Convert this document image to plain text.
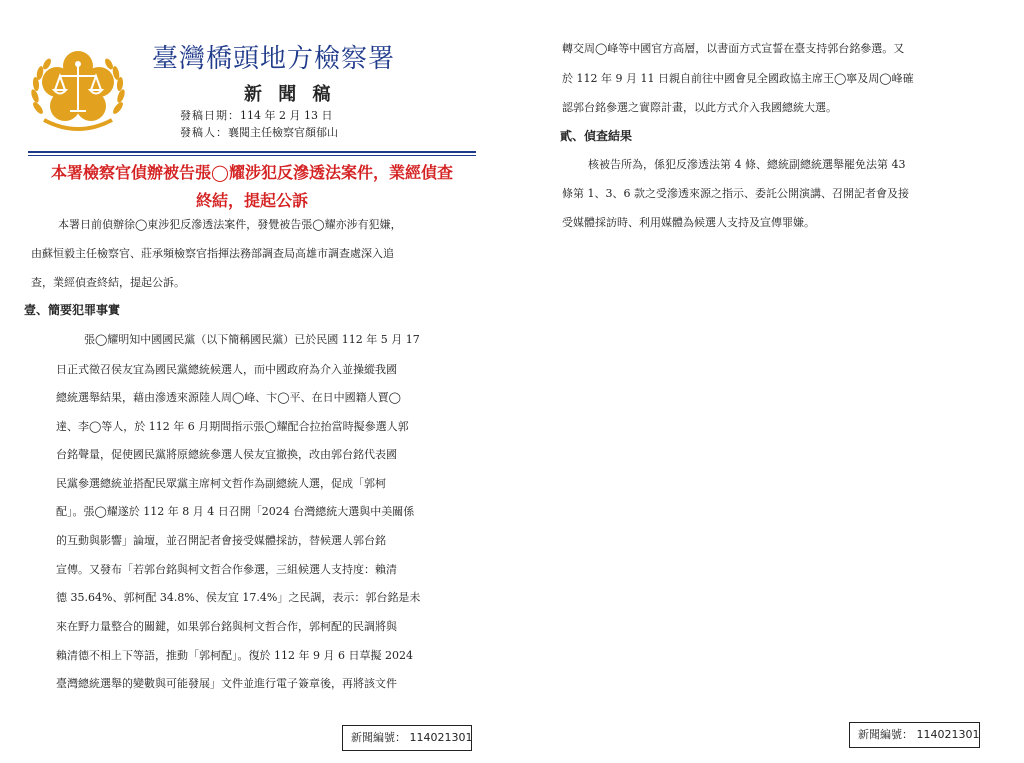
臺灣橋頭地方檢察署
新 聞 稿
發稿日期：114 年 2 月 13 日
發稿人：襄閱主任檢察官顏郁山
本署檢察官偵辦被告張◯耀涉犯反滲透法案件，業經偵查
終結，提起公訴
本署日前偵辦徐◯東涉犯反滲透法案件，發覺被告張◯耀亦涉有犯嫌，
由蘇恒毅主任檢察官、莊承頻檢察官指揮法務部調查局高雄市調查處深入追
查，業經偵查終結，提起公訴。
壹、簡要犯罪事實
張◯耀明知中國國民黨（以下簡稱國民黨）已於民國 112 年 5 月 17
日正式徵召侯友宜為國民黨總統候選人，而中國政府為介入並操縱我國
總統選舉結果，藉由滲透來源陸人周◯峰、卞◯平、在日中國籍人賈◯
達、李◯等人，於 112 年 6 月期間指示張◯耀配合拉抬當時擬參選人郭
台銘聲量，促使國民黨將原總統參選人侯友宜撤換，改由郭台銘代表國
民黨參選總統並搭配民眾黨主席柯文哲作為副總統人選，促成「郭柯
配」。張◯耀遂於 112 年 8 月 4 日召開「2024 台灣總統大選與中美關係
的互動與影響」論壇，並召開記者會接受媒體採訪，替候選人郭台銘
宣傳。又發布「若郭台銘與柯文哲合作參選，三組候選人支持度：賴清
德 35.64%、郭柯配 34.8%、侯友宜 17.4%」之民調，表示：郭台銘是未
來在野力量整合的關鍵，如果郭台銘與柯文哲合作，郭柯配的民調將與
賴清德不相上下等語，推動「郭柯配」。復於 112 年 9 月 6 日草擬 2024
臺灣總統選舉的變數與可能發展」文件並進行電子簽章後，再將該文件
新聞編號： 114021301
轉交周◯峰等中國官方高層，以書面方式宣誓在臺支持郭台銘參選。又
於 112 年 9 月 11 日親自前往中國會見全國政協主席王◯寧及周◯峰確
認郭台銘參選之實際計畫，以此方式介入我國總統大選。
貳、偵查結果
核被告所為，係犯反滲透法第 4 條、總統副總統選舉罷免法第 43
條第 1、3、6 款之受滲透來源之指示、委託公開演講、召開記者會及接
受媒體採訪時、利用媒體為候選人支持及宣傳罪嫌。
新聞編號： 114021301
